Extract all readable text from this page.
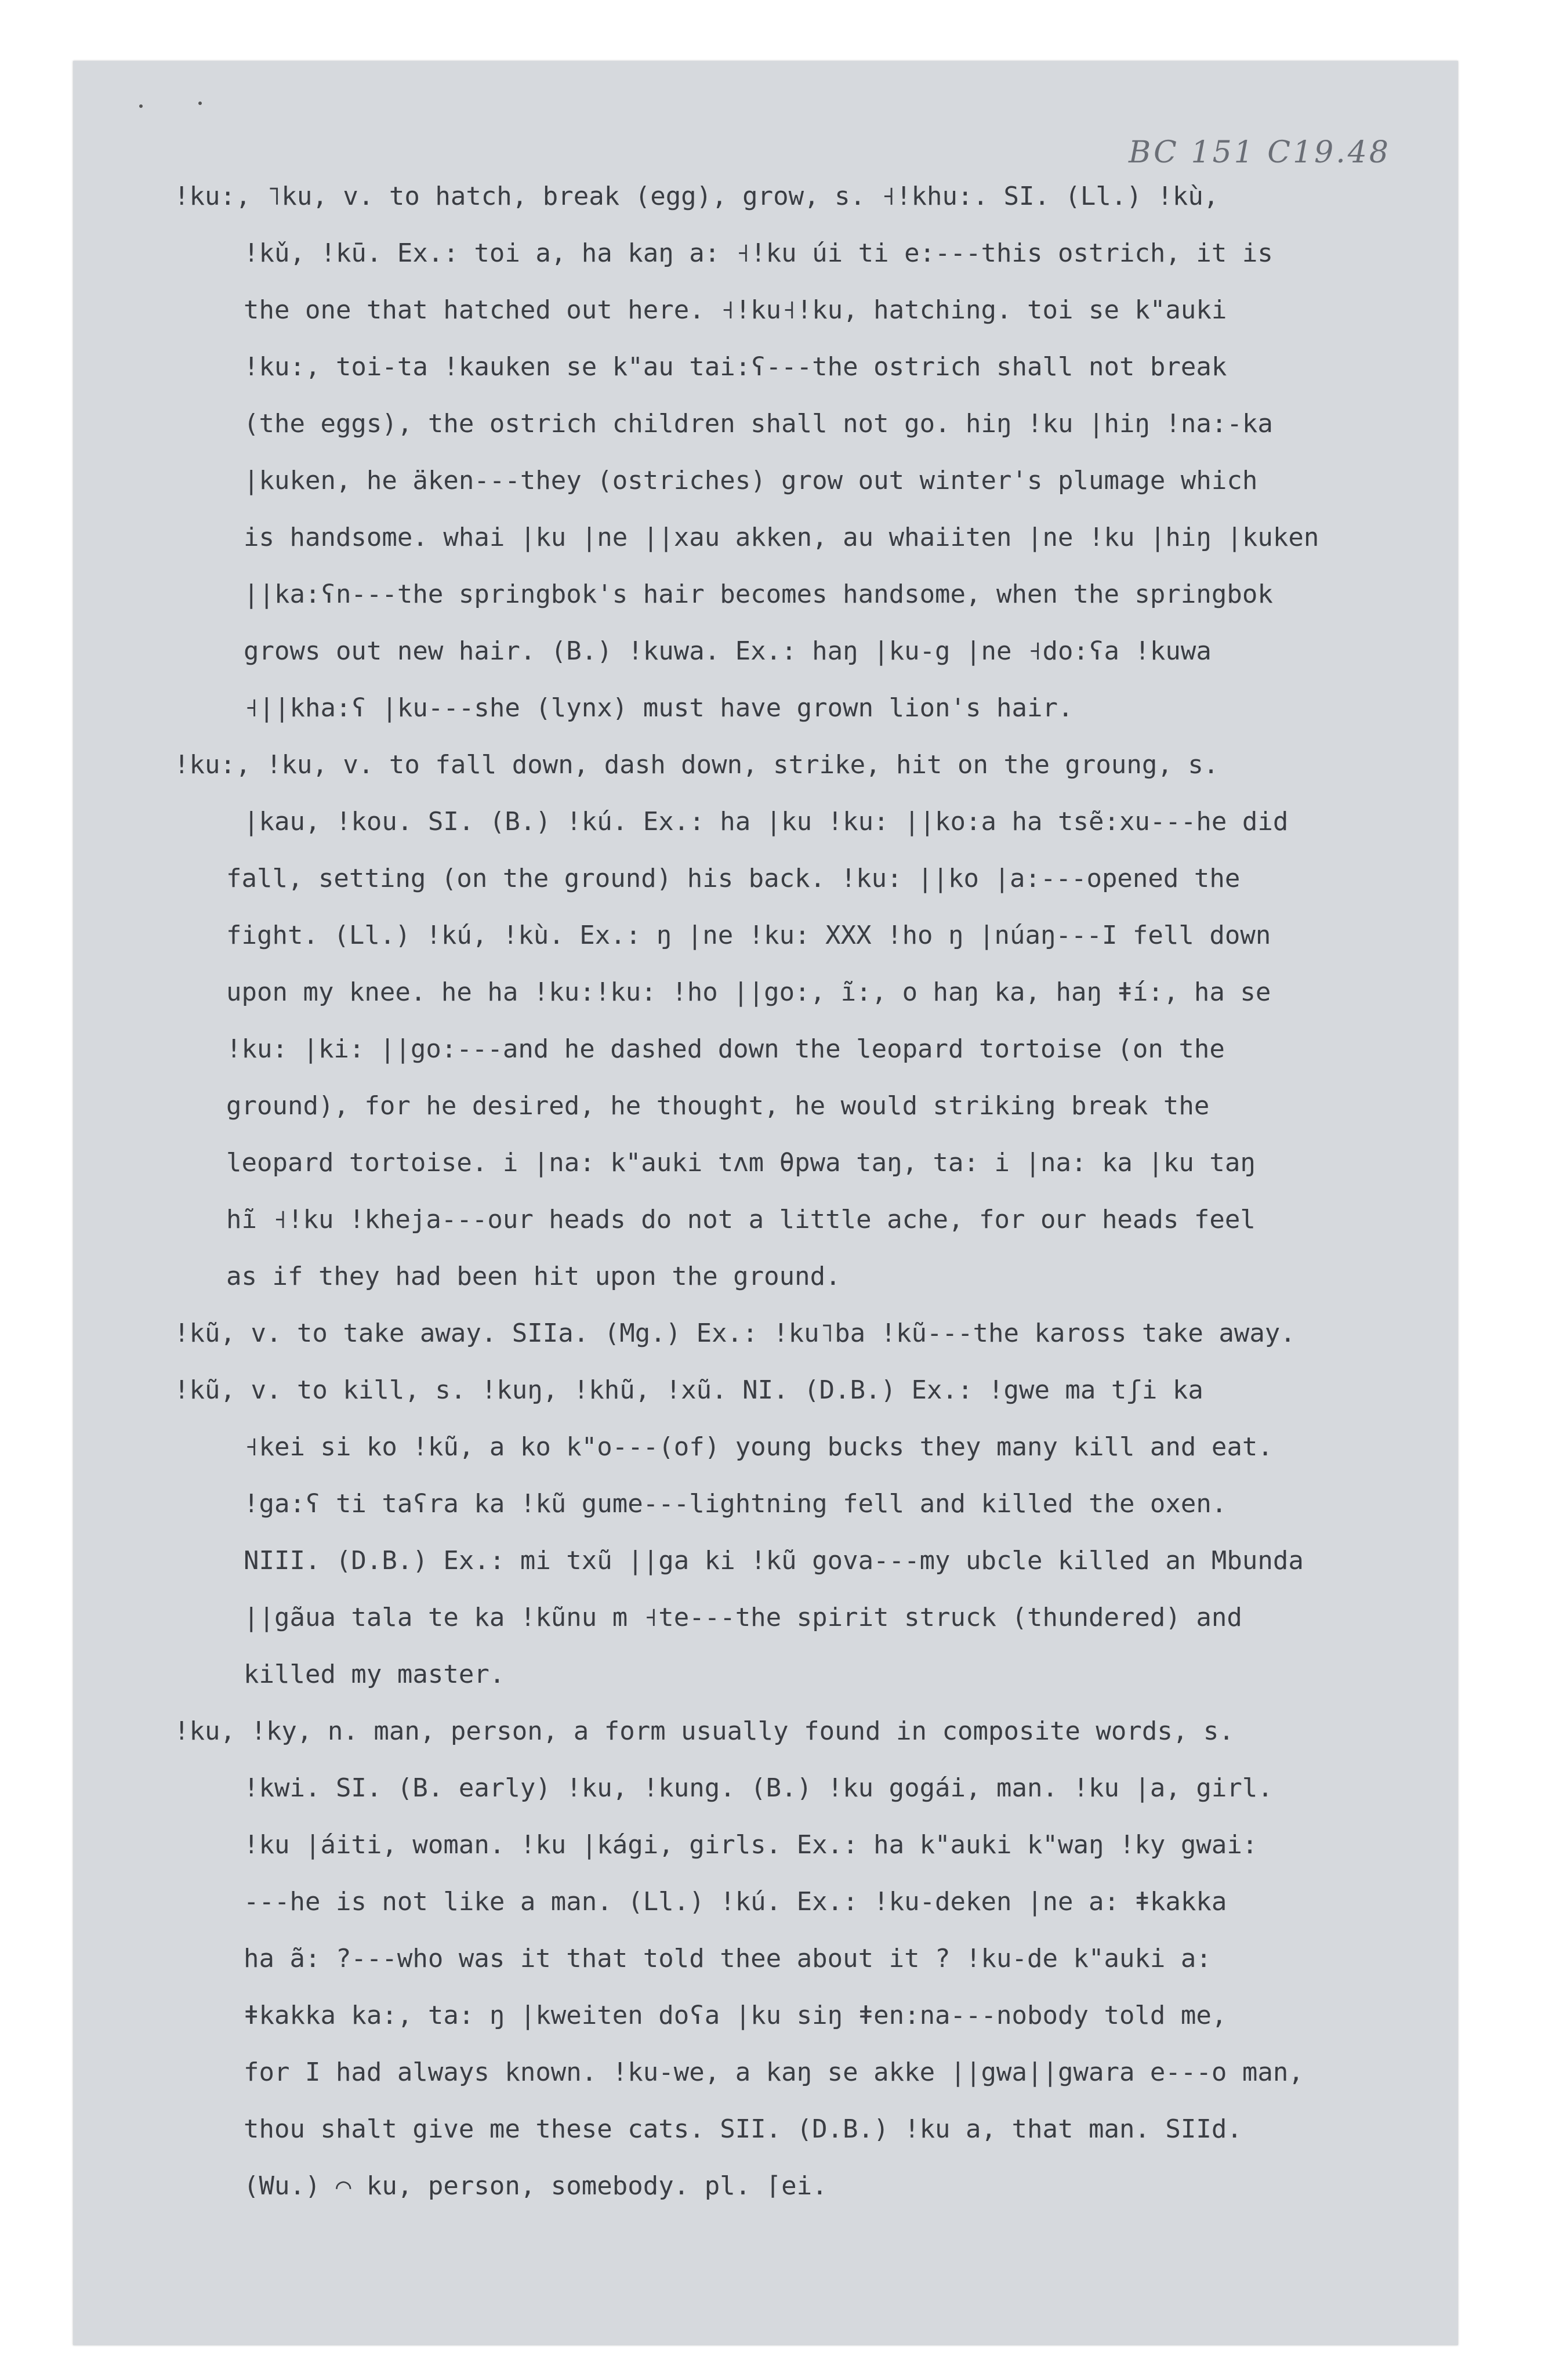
BC 151 C19.48
!ku:, ˥ku, v. to hatch, break (egg), grow, s. ˧!khu:. SI. (Ll.) !kù,
!kǔ, !kū. Ex.: toi a, ha kaŋ a: ˧!ku úi ti e:---this ostrich, it is
the one that hatched out here. ˧!ku˧!ku, hatching. toi se k"auki
!ku:, toi-ta !kauken se k"au tai:ʕ---the ostrich shall not break
(the eggs), the ostrich children shall not go. hiŋ !ku |hiŋ !na:-ka
|kuken, he äken---they (ostriches) grow out winter's plumage which
is handsome. whai |ku |ne ||xau akken, au whaiiten |ne !ku |hiŋ |kuken
||ka:ʕn---the springbok's hair becomes handsome, when the springbok
grows out new hair. (B.) !kuwa. Ex.: haŋ |ku-g |ne ˧do:ʕa !kuwa
˧||kha:ʕ |ku---she (lynx) must have grown lion's hair.
!ku:, !ku, v. to fall down, dash down, strike, hit on the groung, s.
|kau, !kou. SI. (B.) !kú. Ex.: ha |ku !ku: ||ko:a ha tsẽ:xu---he did
fall, setting (on the ground) his back. !ku: ||ko |a:---opened the
fight. (Ll.) !kú, !kù. Ex.: ŋ |ne !ku: XXX !ho ŋ |núaŋ---I fell down
upon my knee. he ha !ku:!ku: !ho ||go:, ĩ:, o haŋ ka, haŋ ǂí:, ha se
!ku: |ki: ||go:---and he dashed down the leopard tortoise (on the
ground), for he desired, he thought, he would striking break the
leopard tortoise. i |na: k"auki tʌm θpwa taŋ, ta: i |na: ka |ku taŋ
hĩ ˧!ku !kheja---our heads do not a little ache, for our heads feel
as if they had been hit upon the ground.
!kũ, v. to take away. SIIa. (Mg.) Ex.: !ku˥ba !kũ---the kaross take away.
!kũ, v. to kill, s. !kuŋ, !khũ, !xũ. NI. (D.B.) Ex.: !gwe ma tʃi ka
˧kei si ko !kũ, a ko k"o---(of) young bucks they many kill and eat.
!ga:ʕ ti taʕra ka !kũ gume---lightning fell and killed the oxen.
NIII. (D.B.) Ex.: mi txũ ||ga ki !kũ gova---my ubcle killed an Mbunda
||gãua tala te ka !kũnu m ˧te---the spirit struck (thundered) and
killed my master.
!ku, !ky, n. man, person, a form usually found in composite words, s.
!kwi. SI. (B. early) !ku, !kung. (B.) !ku gogái, man. !ku |a, girl.
!ku |áiti, woman. !ku |kági, girls. Ex.: ha k"auki k"waŋ !ky gwai:
---he is not like a man. (Ll.) !kú. Ex.: !ku-deken |ne a: ǂkakka
ha ã: ?---who was it that told thee about it ? !ku-de k"auki a:
ǂkakka ka:, ta: ŋ |kweiten doʕa |ku siŋ ǂen:na---nobody told me,
for I had always known. !ku-we, a kaŋ se akke ||gwa||gwara e---o man,
thou shalt give me these cats. SII. (D.B.) !ku a, that man. SIId.
(Wu.) ⌒ ku, person, somebody. pl. ⌈ei.
